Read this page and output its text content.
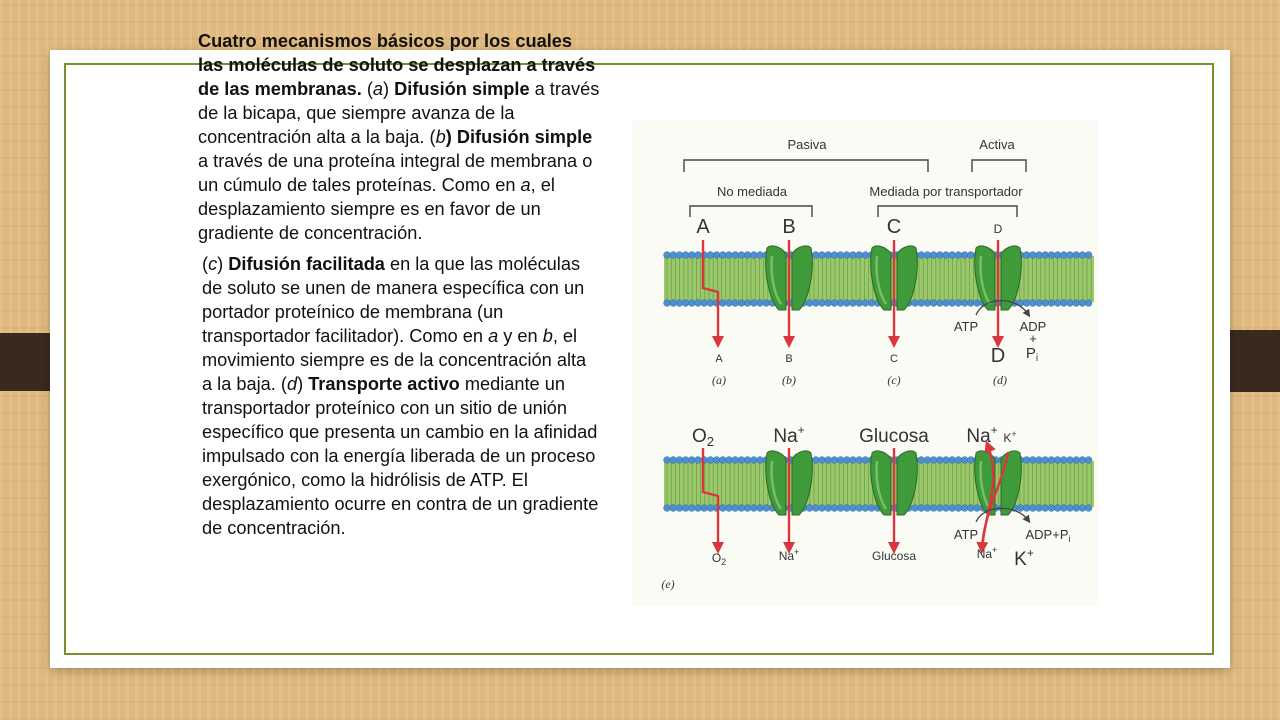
Cuatro mecanismos básicos por los cuales las moléculas de soluto se desplazan a través de las membranas. (a) Difusión simple a través de la bicapa, que siempre avanza de la concentración alta a la baja. (b) Difusión simple a través de una proteína integral de membrana o un cúmulo de tales proteínas. Como en a, el desplazamiento siempre es en favor de un gradiente de concentración.

(c) Difusión facilitada en la que las moléculas de soluto se unen de manera específica con un portador proteínico de membrana (un transportador facilitador). Como en a y en b, el movimiento siempre es de la concentración alta a la baja. (d) Transporte activo mediante un transportador proteínico con un sitio de unión específico que presenta un cambio en la afinidad impulsado con la energía liberada de un proceso exergónico, como la hidrólisis de ATP. El desplazamiento ocurre en contra de un gradiente de concentración.

Pasiva	Activa
No mediada	Mediada por transportador
A	B	C	D
A	B	C	D
ATP	ADP
+
$P_i$
(a)	(b)	(c)	(d)
$O_2$	Na+	Glucosa Na+
K+
$O_2$	Na+	Glucosa	Na+ K+
ATP	$ADP+P_i$
(e)
